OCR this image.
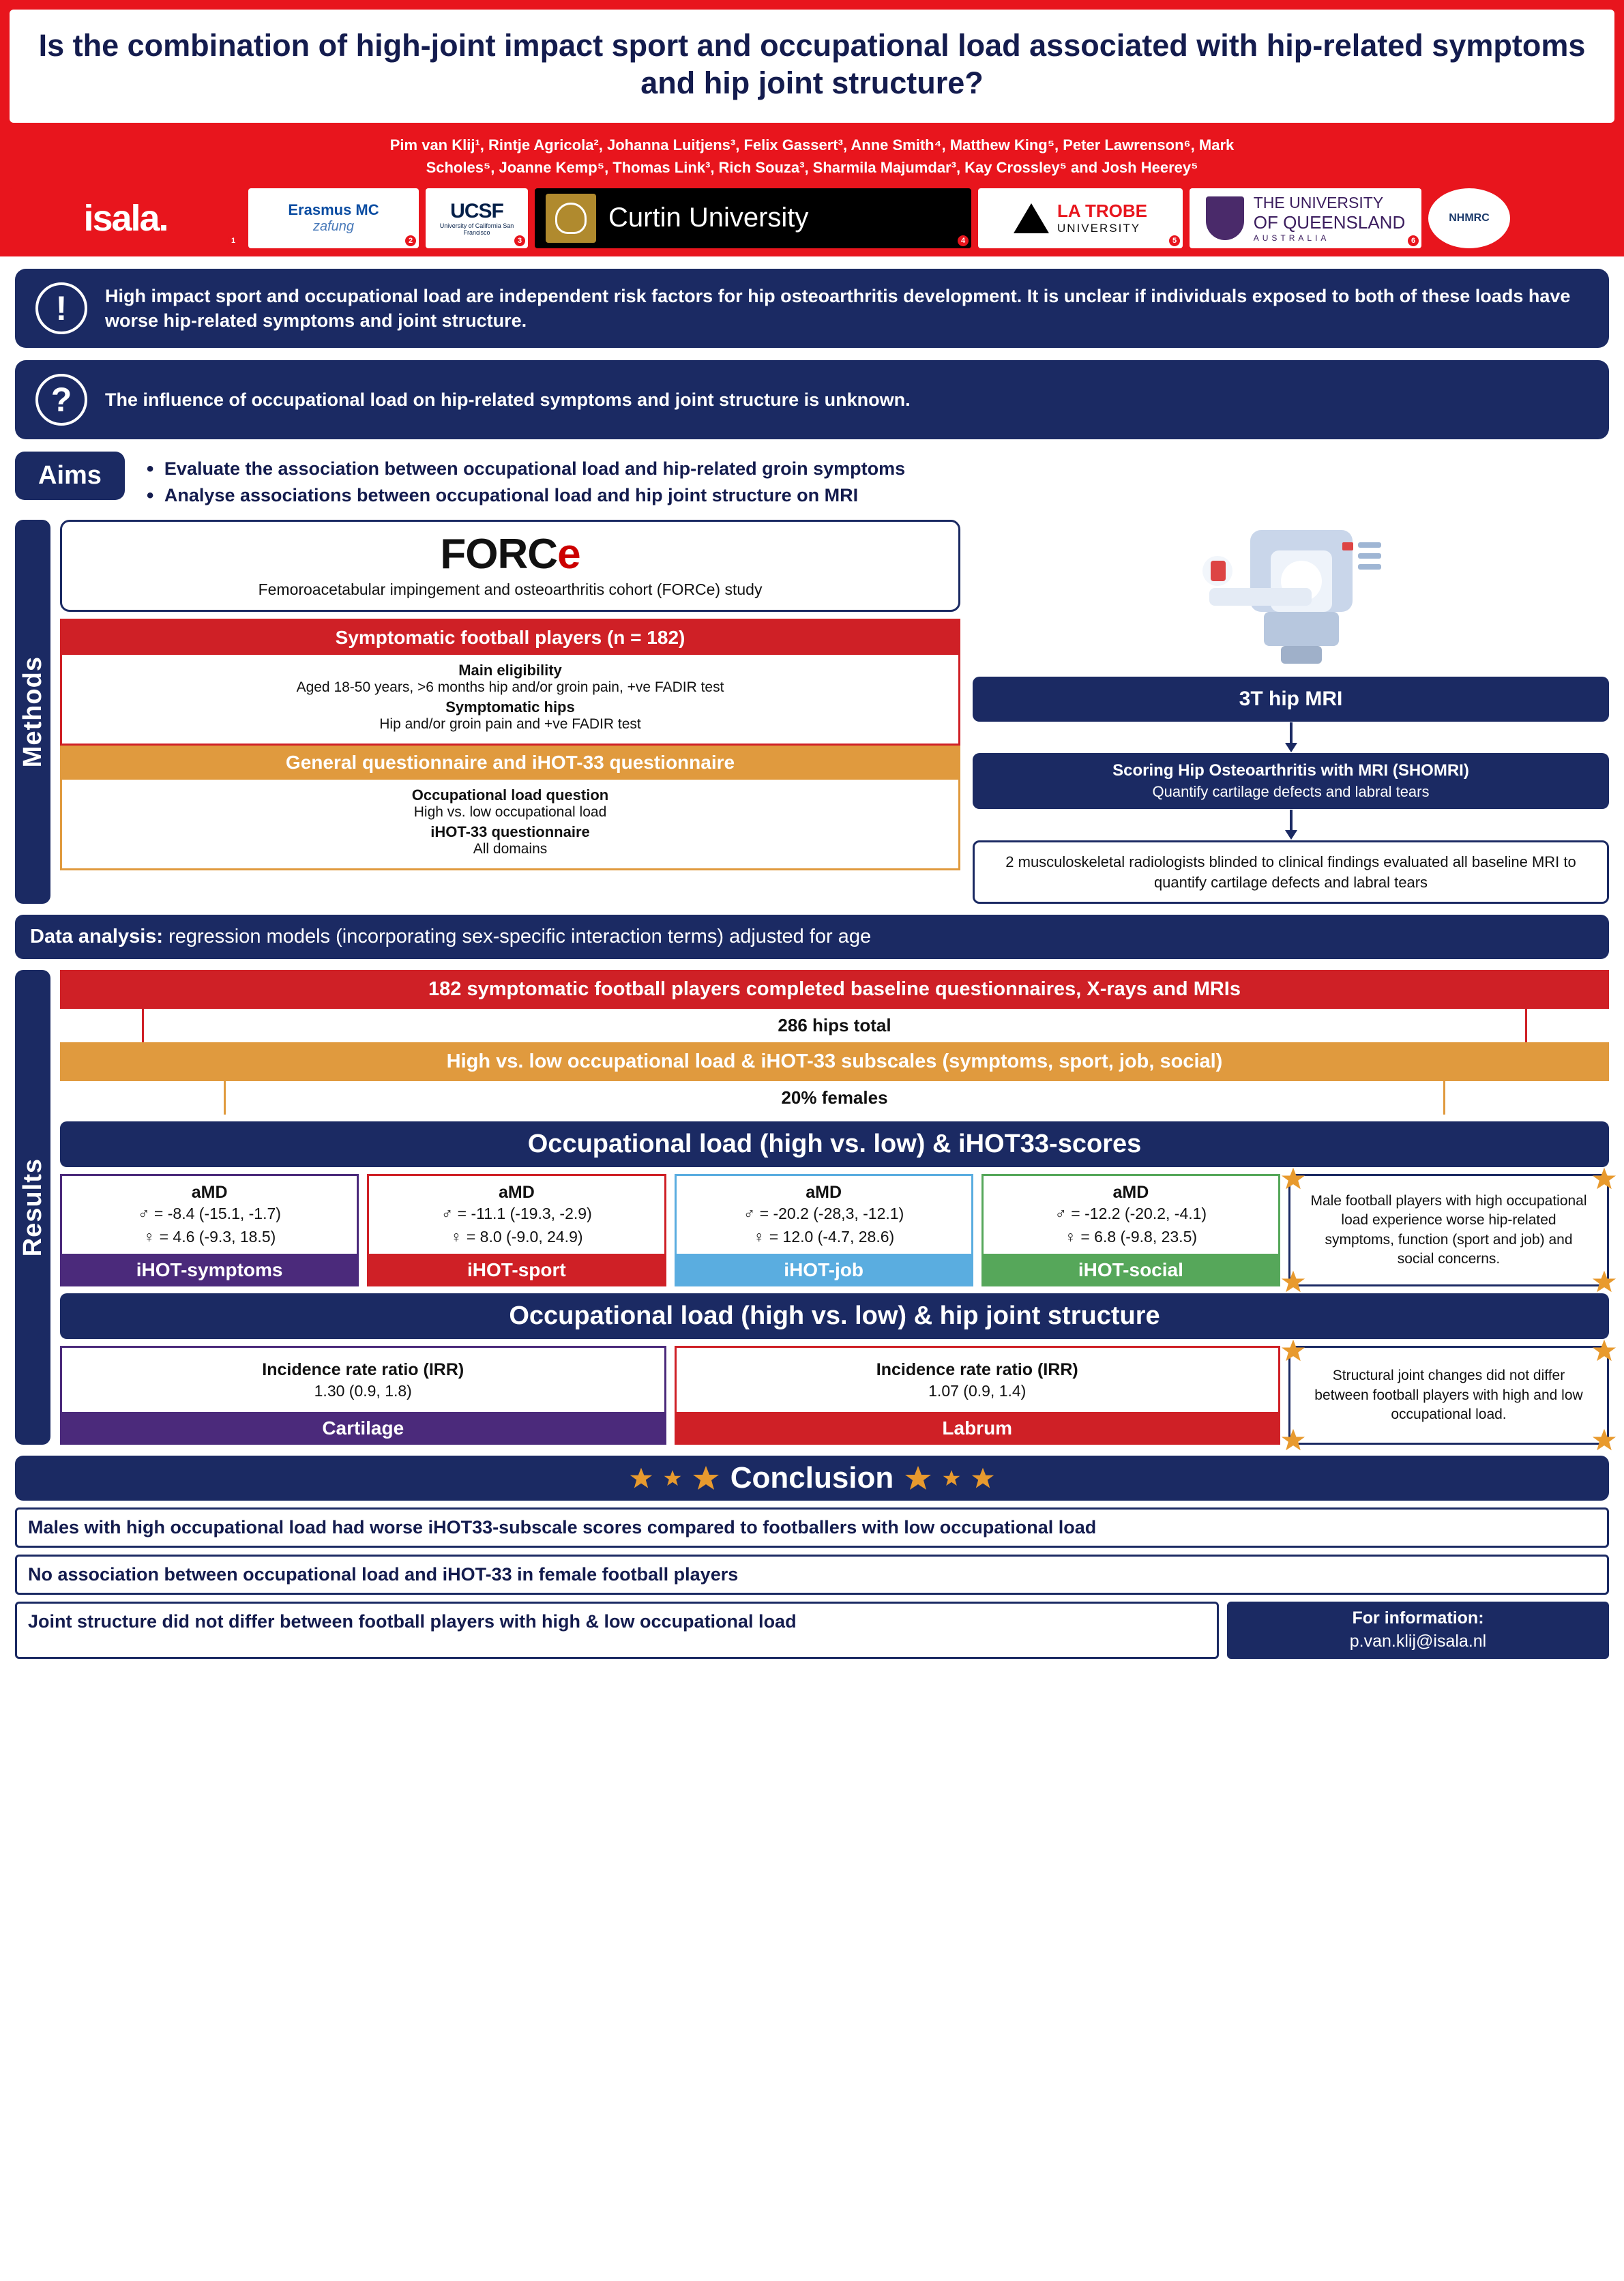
Is the combination of high-joint impact sport and occupational load associated with hip-related symptoms and hip joint structure?
Pim van Klij¹, Rintje Agricola², Johanna Luitjens³, Felix Gassert³, Anne Smith⁴, Matthew King⁵, Peter Lawrenson⁶, Mark
Scholes⁵, Joanne Kemp⁵, Thomas Link³, Rich Souza³, Sharmila Majumdar³, Kay Crossley⁵ and Josh Heerey⁵
isala.
1
Erasmus MC
zafung
2
UCSF
University of California San Francisco
3
Curtin University
4
LA TROBE
UNIVERSITY
5
THE UNIVERSITY
OF QUEENSLAND
AUSTRALIA	6
NHMRC
!	High impact sport and occupational load are independent risk factors for hip osteoarthritis development. It is unclear if individuals exposed to both of these loads have worse hip-related symptoms and joint structure.
?	The influence of occupational load on hip-related symptoms and joint structure is unknown.
Aims	• Evaluate the association between occupational load and hip-related groin symptoms
• Analyse associations between occupational load and hip joint structure on MRI
Methods
FORCe
Femoroacetabular impingement and osteoarthritis cohort (FORCe) study
Symptomatic football players (n = 182)
Main eligibility
Aged 18-50 years, >6 months hip and/or groin pain, +ve FADIR test
Symptomatic hips
Hip and/or groin pain and +ve FADIR test
General questionnaire and iHOT-33 questionnaire
Occupational load question
High vs. low occupational load
iHOT-33 questionnaire
All domains
3T hip MRI
Scoring Hip Osteoarthritis with MRI (SHOMRI)
Quantify cartilage defects and labral tears
2 musculoskeletal radiologists blinded to clinical findings evaluated all baseline MRI to quantify cartilage defects and labral tears
Data analysis: regression models (incorporating sex-specific interaction terms) adjusted for age
Results
182 symptomatic football players completed baseline questionnaires, X-rays and MRIs
286 hips total
High vs. low occupational load & iHOT-33 subscales (symptoms, sport, job, social)
20% females
Occupational load (high vs. low) & iHOT33-scores
aMD
♂ = -8.4 (-15.1, -1.7)
♀ = 4.6 (-9.3, 18.5)
iHOT-symptoms
aMD
♂ = -11.1 (-19.3, -2.9)
♀ = 8.0 (-9.0, 24.9)
iHOT-sport
aMD
♂ = -20.2 (-28,3, -12.1)
♀ = 12.0 (-4.7, 28.6)
iHOT-job
aMD
♂ = -12.2 (-20.2, -4.1)
♀ = 6.8 (-9.8, 23.5)
iHOT-social
Male football players with high occupational load experience worse hip-related symptoms, function (sport and job) and social concerns.
Occupational load (high vs. low) & hip joint structure
Incidence rate ratio (IRR)
1.30 (0.9, 1.8)
Cartilage
Incidence rate ratio (IRR)
1.07 (0.9, 1.4)
Labrum
Structural joint changes did not differ between football players with high and low occupational load.
Conclusion
Males with high occupational load had worse iHOT33-subscale scores compared to footballers with low occupational load
No association between occupational load and iHOT-33 in female football players
Joint structure did not differ between football players with high & low occupational load	For information:
p.van.klij@isala.nl
